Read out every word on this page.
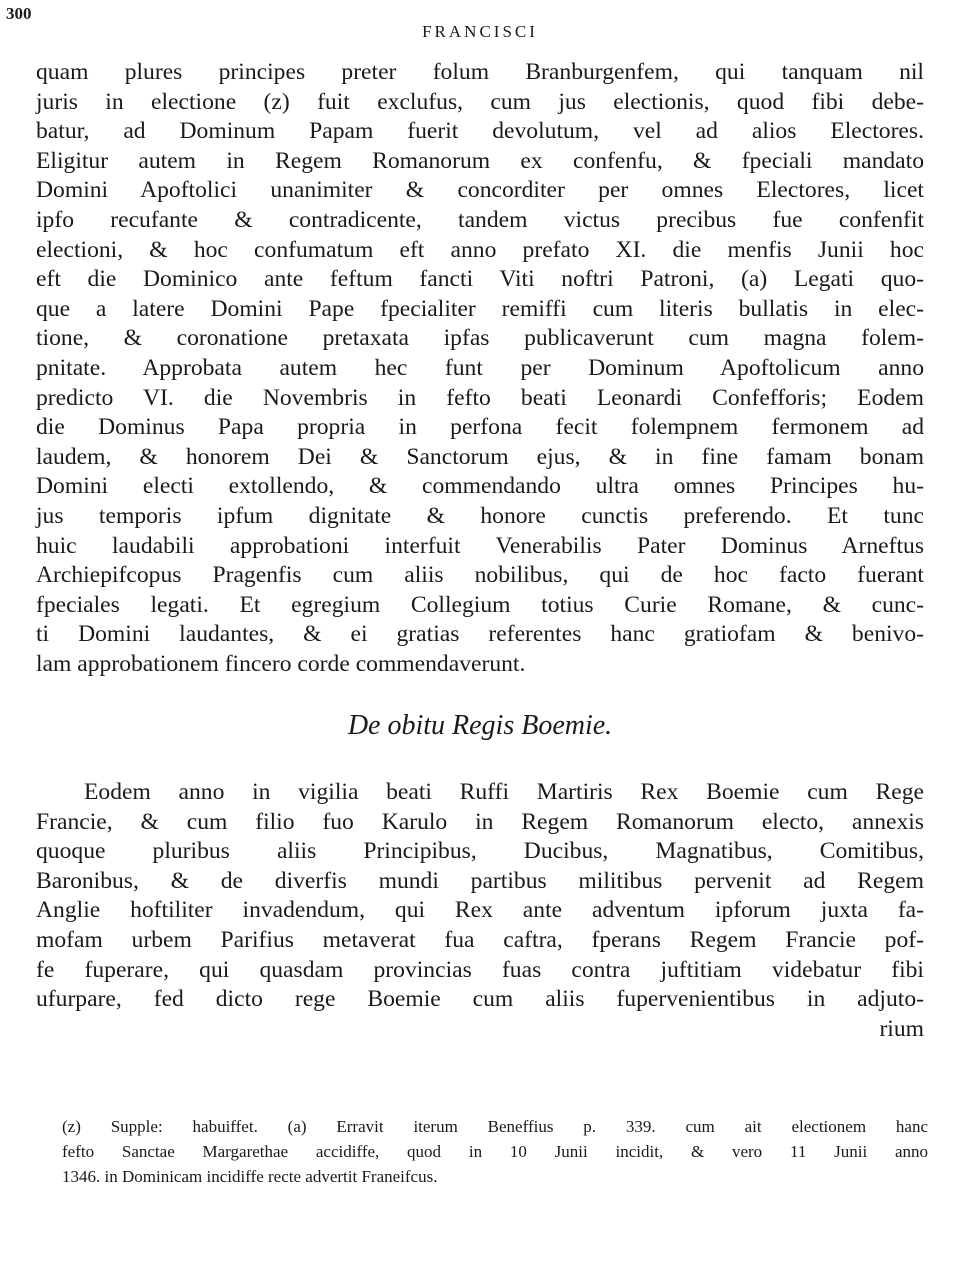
300
FRANCISCI
quam plures principes preter folum Branburgenfem, qui tanquam nil
juris in electione (z) fuit exclufus, cum jus electionis, quod fibi debe-
batur, ad Dominum Papam fuerit devolutum, vel ad alios Electores.
Eligitur autem in Regem Romanorum ex confenfu, & fpeciali mandato
Domini Apoftolici unanimiter & concorditer per omnes Electores, licet
ipfo recufante & contradicente, tandem victus precibus fue confenfit
electioni, & hoc confumatum eft anno prefato XI. die menfis Junii hoc
eft die Dominico ante feftum fancti Viti noftri Patroni, (a) Legati quo-
que a latere Domini Pape fpecialiter remiffi cum literis bullatis in elec-
tione, & coronatione pretaxata ipfas publicaverunt cum magna folem-
pnitate. Approbata autem hec funt per Dominum Apoftolicum anno
predicto VI. die Novembris in fefto beati Leonardi Confefforis; Eodem
die Dominus Papa propria in perfona fecit folempnem fermonem ad
laudem, & honorem Dei & Sanctorum ejus, & in fine famam bonam
Domini electi extollendo, & commendando ultra omnes Principes hu-
jus temporis ipfum dignitate & honore cunctis preferendo. Et tunc
huic laudabili approbationi interfuit Venerabilis Pater Dominus Arneftus
Archiepifcopus Pragenfis cum aliis nobilibus, qui de hoc facto fuerant
fpeciales legati. Et egregium Collegium totius Curie Romane, & cunc-
ti Domini laudantes, & ei gratias referentes hanc gratiofam & benivo-
lam approbationem fincero corde commendaverunt.
De obitu Regis Boemie.
Eodem anno in vigilia beati Ruffi Martiris Rex Boemie cum Rege
Francie, & cum filio fuo Karulo in Regem Romanorum electo, annexis
quoque pluribus aliis Principibus, Ducibus, Magnatibus, Comitibus,
Baronibus, & de diverfis mundi partibus militibus pervenit ad Regem
Anglie hoftiliter invadendum, qui Rex ante adventum ipforum juxta fa-
mofam urbem Parifius metaverat fua caftra, fperans Regem Francie pof-
fe fuperare, qui quasdam provincias fuas contra juftitiam videbatur fibi
ufurpare, fed dicto rege Boemie cum aliis fupervenientibus in adjuto-
rium
(z) Supple: habuiffet. (a) Erravit iterum Beneffius p. 339. cum ait electionem hanc
fefto Sanctae Margarethae accidiffe, quod in 10 Junii incidit, & vero 11 Junii anno
1346. in Dominicam incidiffe recte advertit Franeifcus.
